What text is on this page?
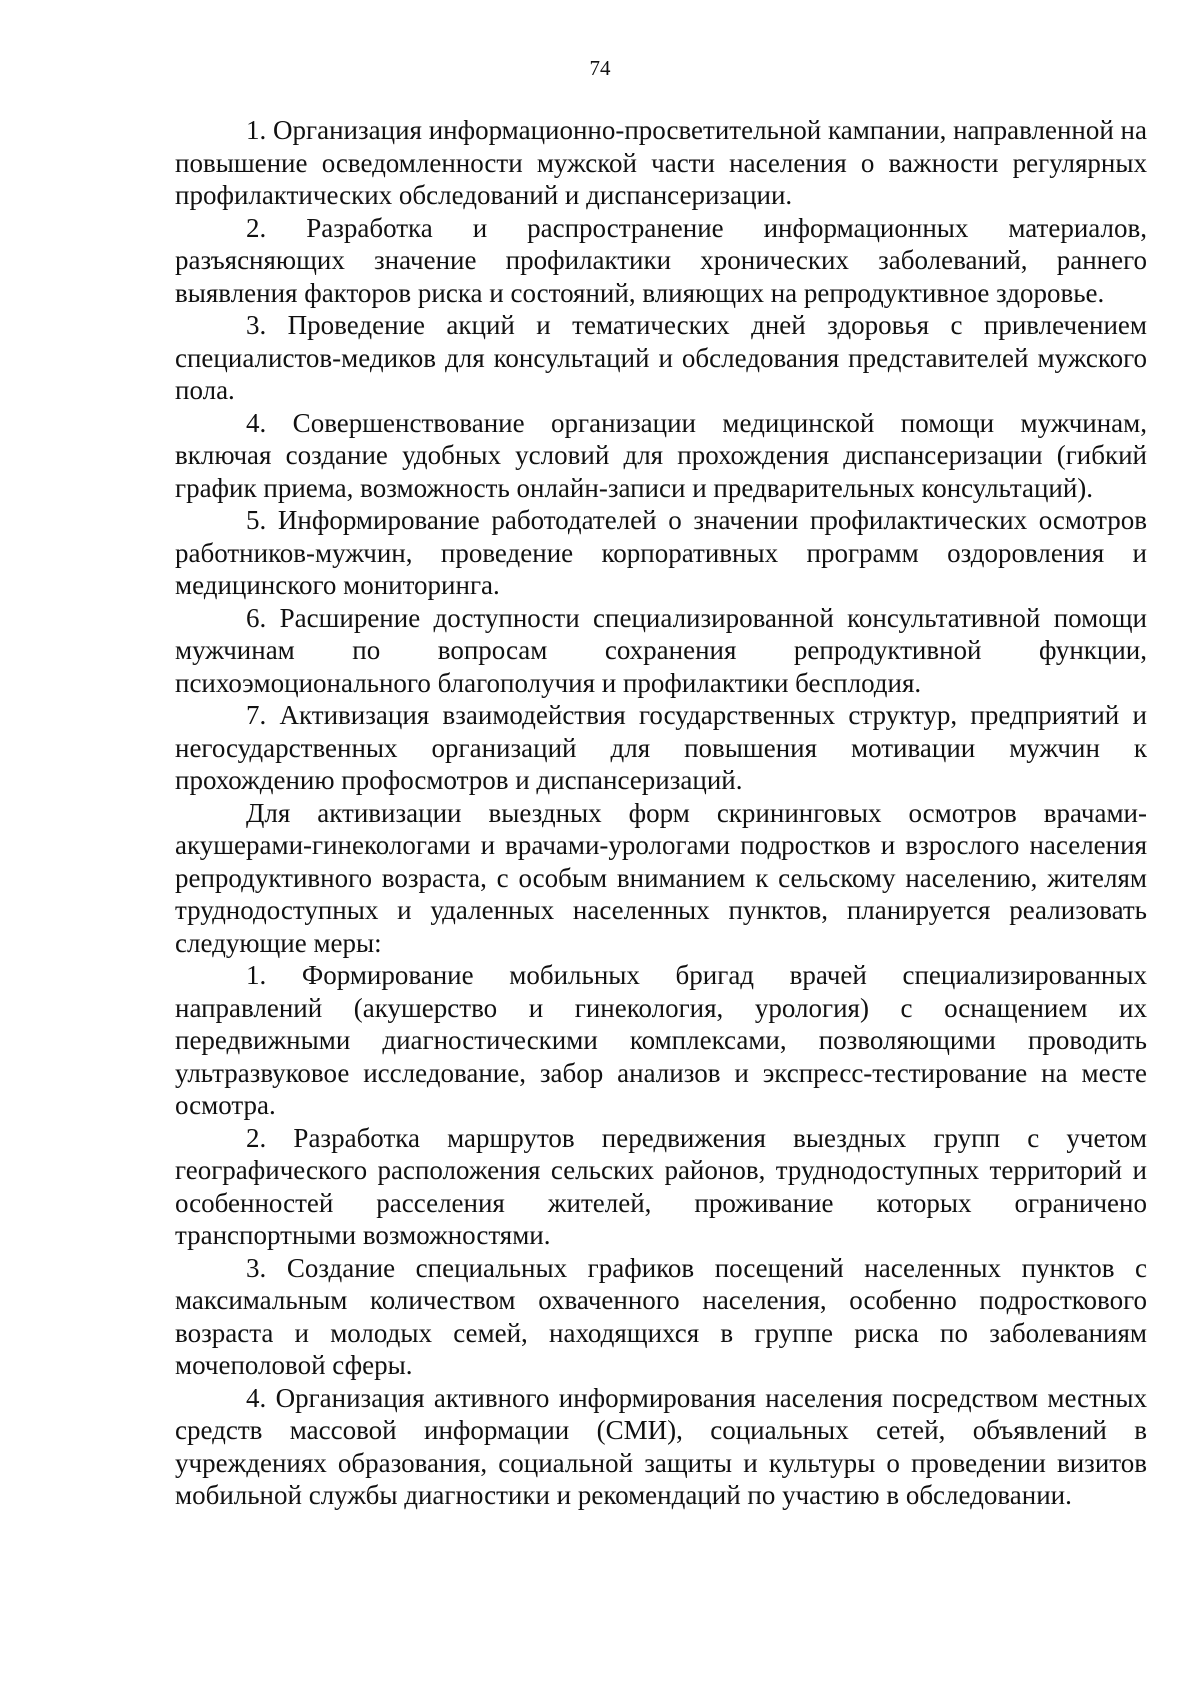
74

1. Организация информационно-просветительной кампании, направленной на повышение осведомленности мужской части населения о важности регулярных профилактических обследований и диспансеризации.

2. Разработка и распространение информационных материалов, разъясняющих значение профилактики хронических заболеваний, раннего выявления факторов риска и состояний, влияющих на репродуктивное здоровье.

3. Проведение акций и тематических дней здоровья с привлечением специалистов-медиков для консультаций и обследования представителей мужского пола.

4. Совершенствование организации медицинской помощи мужчинам, включая создание удобных условий для прохождения диспансеризации (гибкий график приема, возможность онлайн-записи и предварительных консультаций).

5. Информирование работодателей о значении профилактических осмотров работников-мужчин, проведение корпоративных программ оздоровления и медицинского мониторинга.

6. Расширение доступности специализированной консультативной помощи мужчинам по вопросам сохранения репродуктивной функции, психоэмоционального благополучия и профилактики бесплодия.

7. Активизация взаимодействия государственных структур, предприятий и негосударственных организаций для повышения мотивации мужчин к прохождению профосмотров и диспансеризаций.

Для активизации выездных форм скрининговых осмотров врачами-акушерами-гинекологами и врачами-урологами подростков и взрослого населения репродуктивного возраста, с особым вниманием к сельскому населению, жителям труднодоступных и удаленных населенных пунктов, планируется реализовать следующие меры:

1. Формирование мобильных бригад врачей специализированных направлений (акушерство и гинекология, урология) с оснащением их передвижными диагностическими комплексами, позволяющими проводить ультразвуковое исследование, забор анализов и экспресс-тестирование на месте осмотра.

2. Разработка маршрутов передвижения выездных групп с учетом географического расположения сельских районов, труднодоступных территорий и особенностей расселения жителей, проживание которых ограничено транспортными возможностями.

3. Создание специальных графиков посещений населенных пунктов с максимальным количеством охваченного населения, особенно подросткового возраста и молодых семей, находящихся в группе риска по заболеваниям мочеполовой сферы.

4. Организация активного информирования населения посредством местных средств массовой информации (СМИ), социальных сетей, объявлений в учреждениях образования, социальной защиты и культуры о проведении визитов мобильной службы диагностики и рекомендаций по участию в обследовании.
